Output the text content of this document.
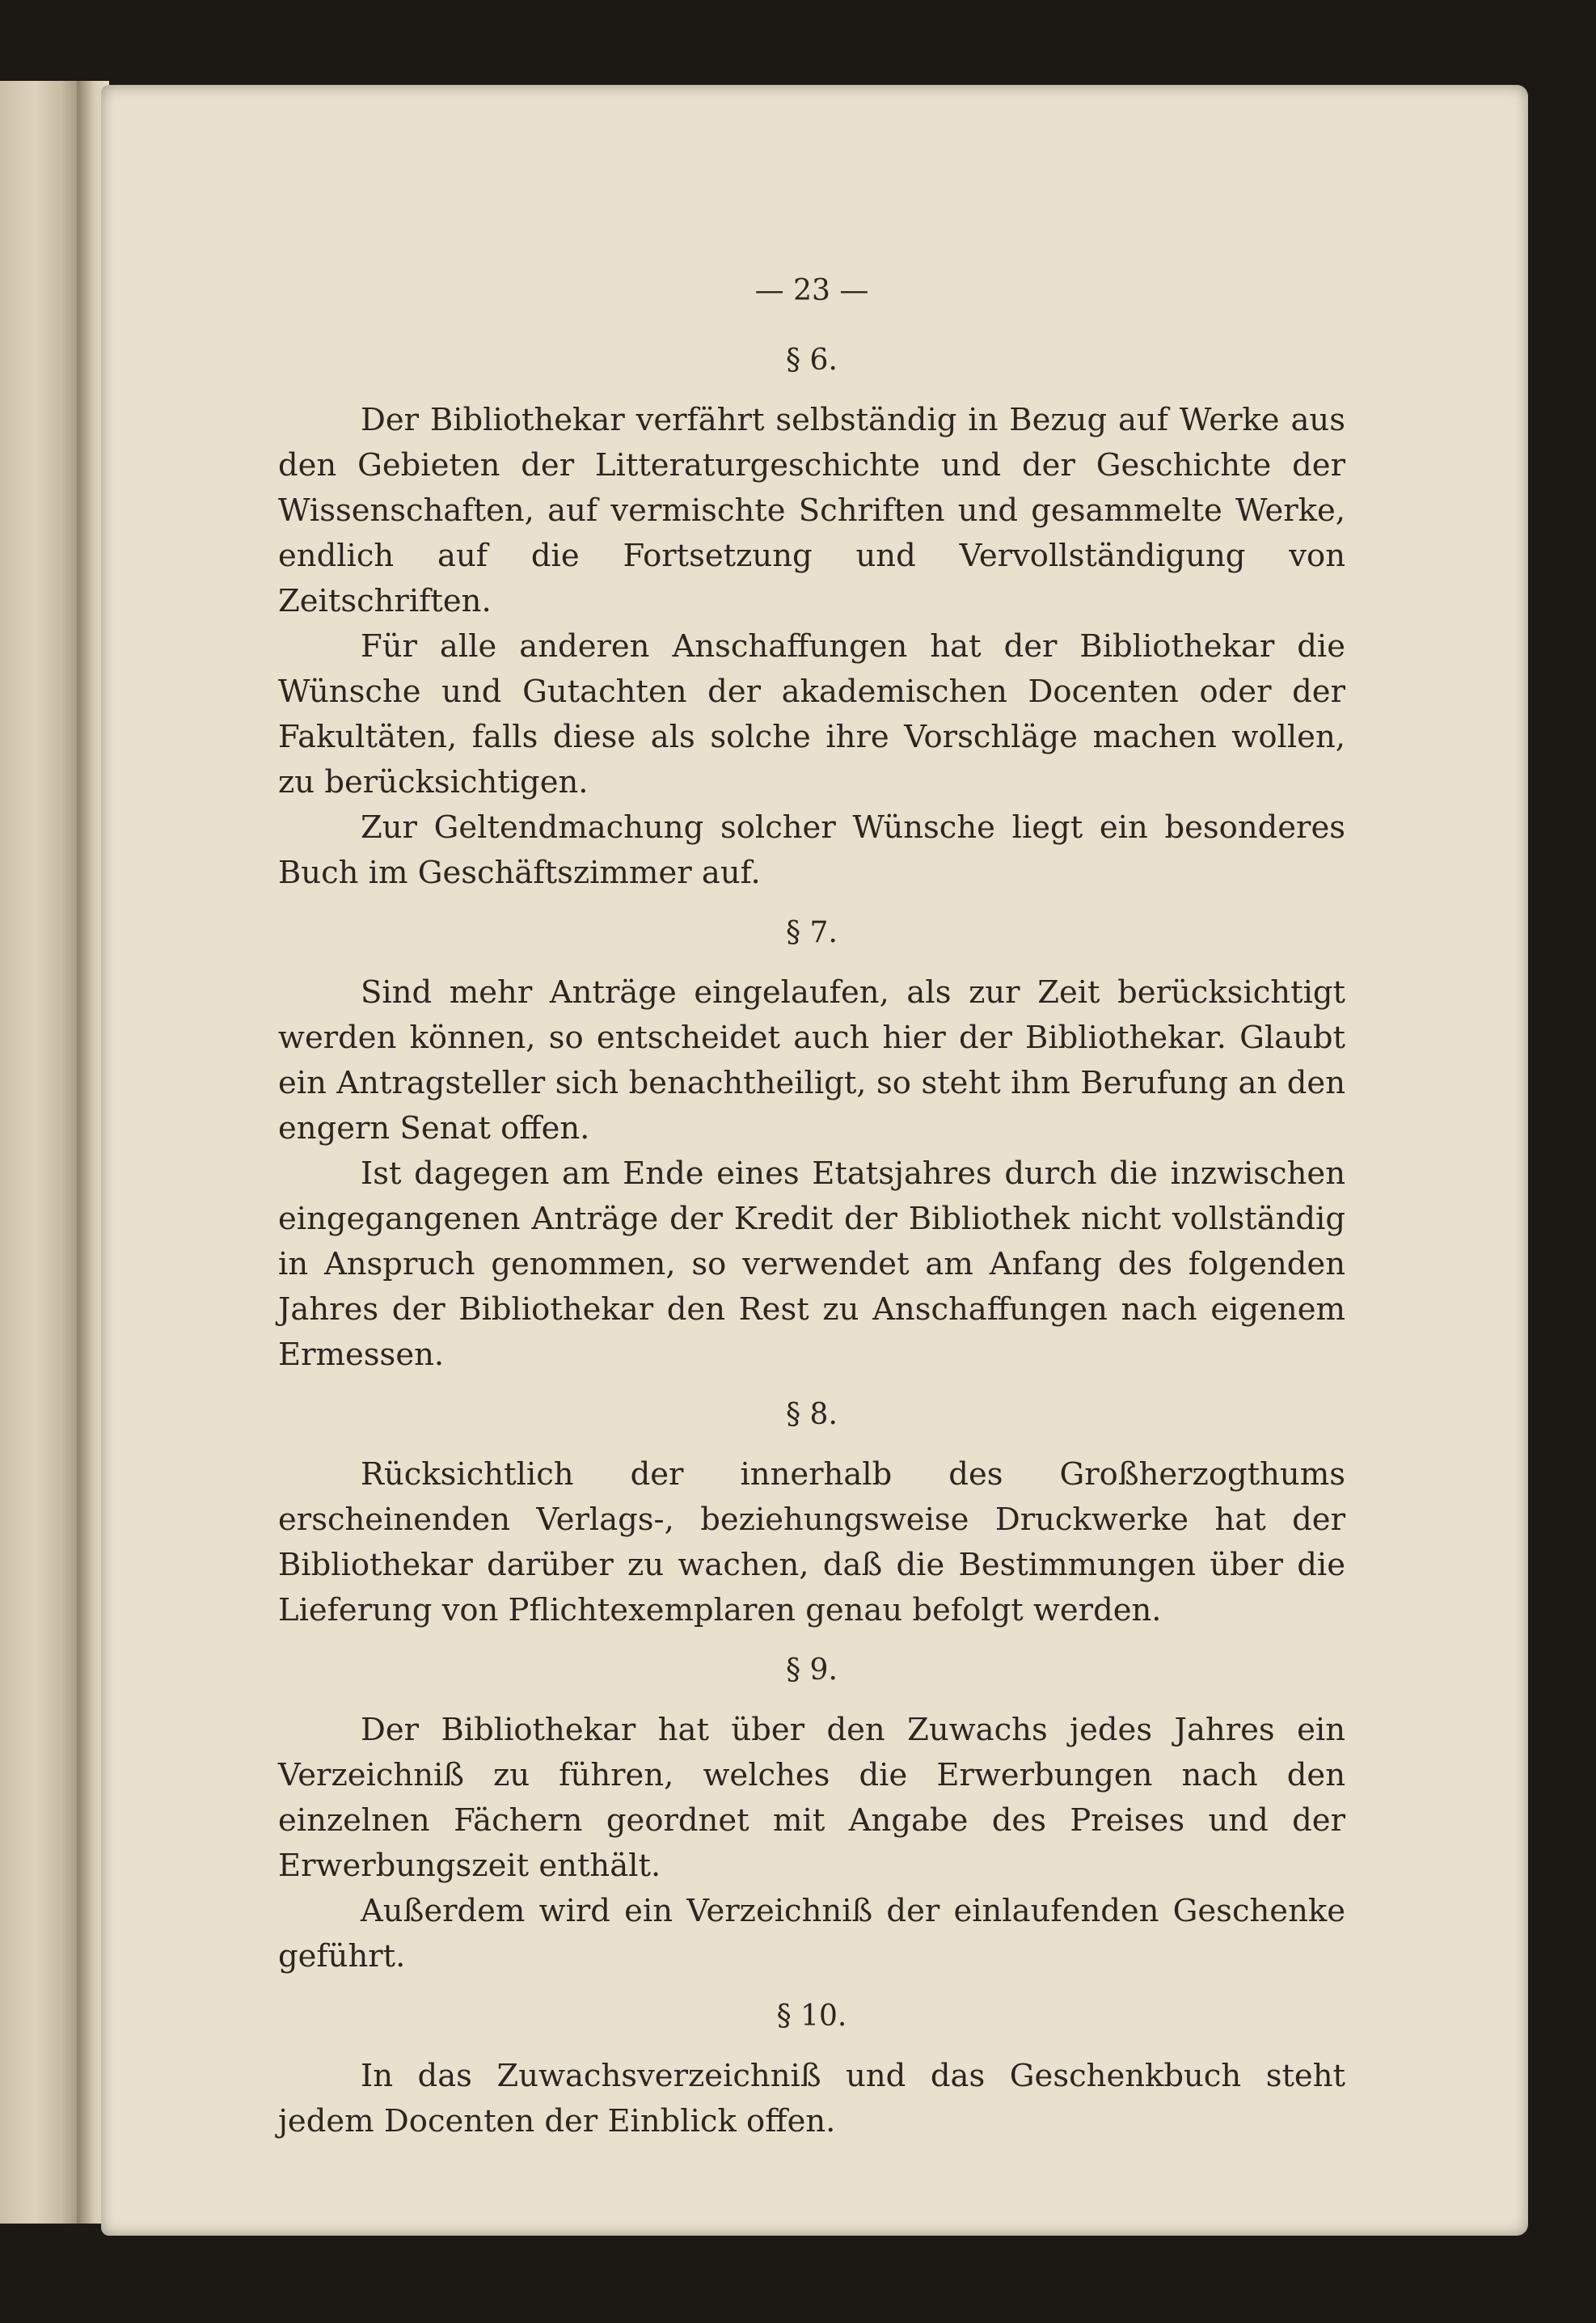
— 23 —

§ 6.

Der Bibliothekar verfährt selbständig in Bezug auf Werke aus den Gebieten der Litteraturgeschichte und der Geschichte der Wissenschaften, auf vermischte Schriften und gesammelte Werke, endlich auf die Fortsetzung und Vervollständigung von Zeitschriften.

Für alle anderen Anschaffungen hat der Bibliothekar die Wünsche und Gutachten der akademischen Docenten oder der Fakultäten, falls diese als solche ihre Vorschläge machen wollen, zu berücksichtigen.

Zur Geltendmachung solcher Wünsche liegt ein besonderes Buch im Geschäftszimmer auf.

§ 7.

Sind mehr Anträge eingelaufen, als zur Zeit berücksichtigt werden können, so entscheidet auch hier der Bibliothekar. Glaubt ein Antragsteller sich benachtheiligt, so steht ihm Berufung an den engern Senat offen.

Ist dagegen am Ende eines Etatsjahres durch die inzwischen eingegangenen Anträge der Kredit der Bibliothek nicht vollständig in Anspruch genommen, so verwendet am Anfang des folgenden Jahres der Bibliothekar den Rest zu Anschaffungen nach eigenem Ermessen.

§ 8.

Rücksichtlich der innerhalb des Großherzogthums erscheinenden Verlags-, beziehungsweise Druckwerke hat der Bibliothekar darüber zu wachen, daß die Bestimmungen über die Lieferung von Pflichtexemplaren genau befolgt werden.

§ 9.

Der Bibliothekar hat über den Zuwachs jedes Jahres ein Verzeichniß zu führen, welches die Erwerbungen nach den einzelnen Fächern geordnet mit Angabe des Preises und der Erwerbungszeit enthält.

Außerdem wird ein Verzeichniß der einlaufenden Geschenke geführt.

§ 10.

In das Zuwachsverzeichniß und das Geschenkbuch steht jedem Docenten der Einblick offen.
